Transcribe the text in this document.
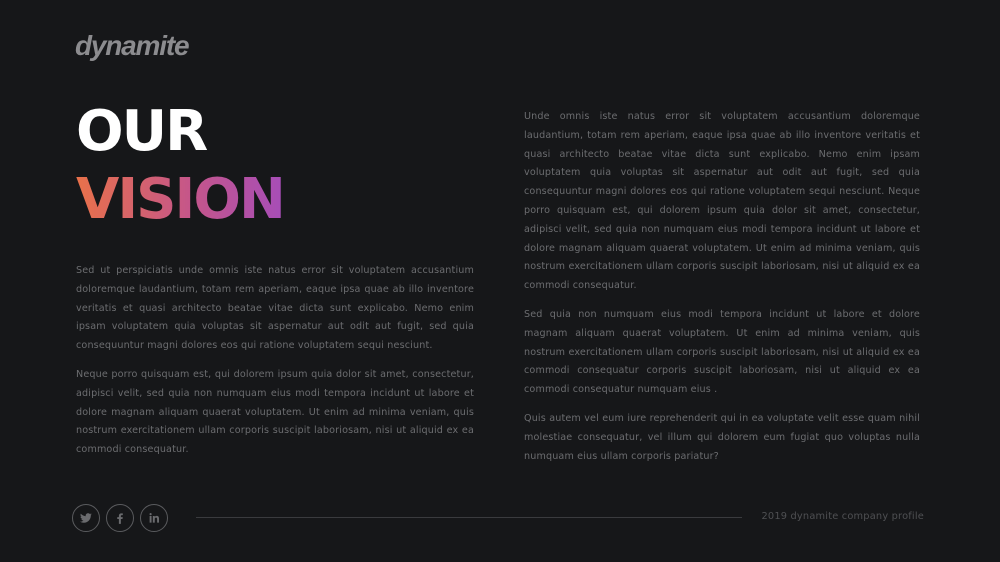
dynamite
OUR
VISION

Sed ut perspiciatis unde omnis iste natus error sit voluptatem accusantium doloremque laudantium, totam rem aperiam, eaque ipsa quae ab illo inventore veritatis et quasi architecto beatae vitae dicta sunt explicabo. Nemo enim ipsam voluptatem quia voluptas sit aspernatur aut odit aut fugit, sed quia consequuntur magni dolores eos qui ratione voluptatem sequi nesciunt.

Neque porro quisquam est, qui dolorem ipsum quia dolor sit amet, consectetur, adipisci velit, sed quia non numquam eius modi tempora incidunt ut labore et dolore magnam aliquam quaerat voluptatem. Ut enim ad minima veniam, quis nostrum exercitationem ullam corporis suscipit laboriosam, nisi ut aliquid ex ea commodi consequatur.

Unde omnis iste natus error sit voluptatem accusantium doloremque laudantium, totam rem aperiam, eaque ipsa quae ab illo inventore veritatis et quasi architecto beatae vitae dicta sunt explicabo. Nemo enim ipsam voluptatem quia voluptas sit aspernatur aut odit aut fugit, sed quia consequuntur magni dolores eos qui ratione voluptatem sequi nesciunt. Neque porro quisquam est, qui dolorem ipsum quia dolor sit amet, consectetur, adipisci velit, sed quia non numquam eius modi tempora incidunt ut labore et dolore magnam aliquam quaerat voluptatem. Ut enim ad minima veniam, quis nostrum exercitationem ullam corporis suscipit laboriosam, nisi ut aliquid ex ea commodi consequatur.

Sed quia non numquam eius modi tempora incidunt ut labore et dolore magnam aliquam quaerat voluptatem. Ut enim ad minima veniam, quis nostrum exercitationem ullam corporis suscipit laboriosam, nisi ut aliquid ex ea commodi consequatur corporis suscipit laboriosam, nisi ut aliquid ex ea commodi consequatur numquam eius .

Quis autem vel eum iure reprehenderit qui in ea voluptate velit esse quam nihil molestiae consequatur, vel illum qui dolorem eum fugiat quo voluptas nulla numquam eius ullam corporis pariatur?

2019 dynamite company profile
